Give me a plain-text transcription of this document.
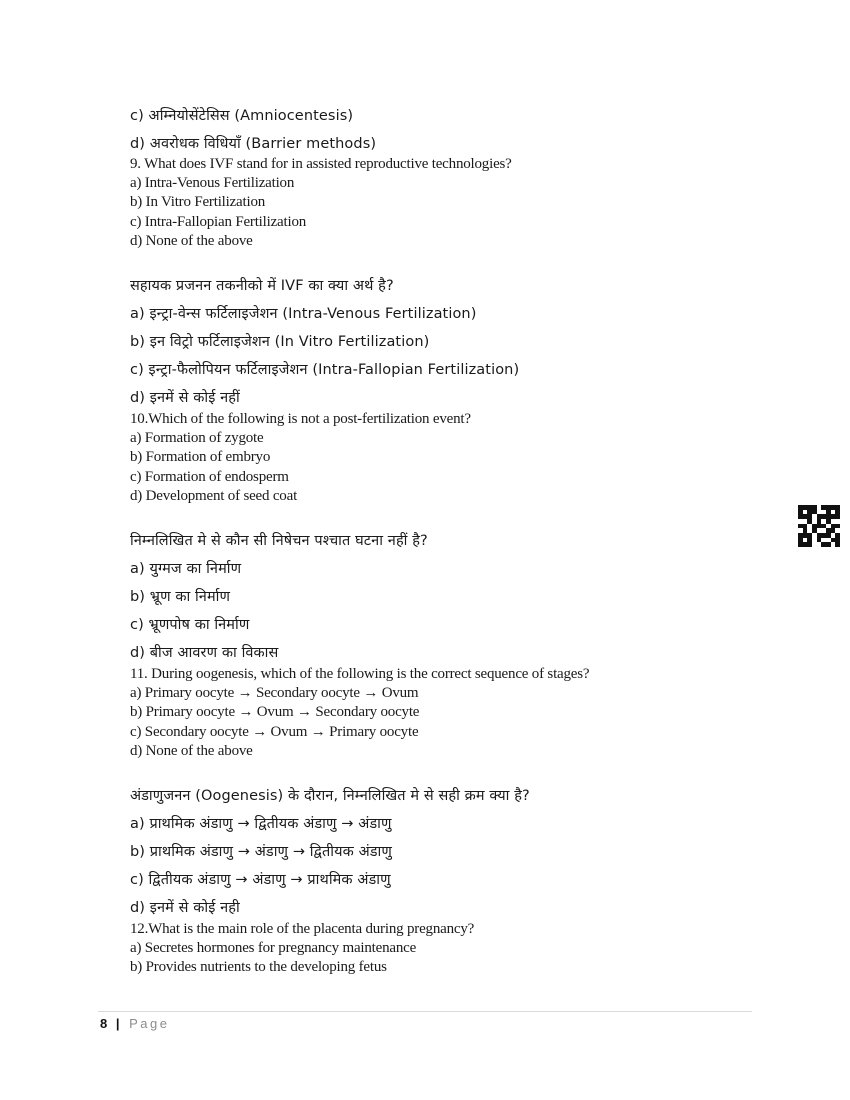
c) अम्नियोसेंटेसिस (Amniocentesis)
d) अवरोधक विधियाँ (Barrier methods)
9. What does IVF stand for in assisted reproductive technologies?
a) Intra-Venous Fertilization
b) In Vitro Fertilization
c) Intra-Fallopian Fertilization
d) None of the above
सहायक प्रजनन तकनीको में IVF का क्या अर्थ है?
a) इन्ट्रा-वेन्स फर्टिलाइजेशन (Intra-Venous Fertilization)
b) इन विट्रो फर्टिलाइजेशन (In Vitro Fertilization)
c) इन्ट्रा-फैलोपियन फर्टिलाइजेशन (Intra-Fallopian Fertilization)
d) इनमें से कोई नहीं
10.Which of the following is not a post-fertilization event?
a) Formation of zygote
b) Formation of embryo
c) Formation of endosperm
d) Development of seed coat
निम्नलिखित मे से कौन सी निषेचन पश्चात घटना नहीं है?
a) युग्मज का निर्माण
b) भ्रूण का निर्माण
c) भ्रूणपोष का निर्माण
d) बीज आवरण का विकास
11. During oogenesis, which of the following is the correct sequence of stages?
a) Primary oocyte → Secondary oocyte → Ovum
b) Primary oocyte → Ovum → Secondary oocyte
c) Secondary oocyte → Ovum → Primary oocyte
d) None of the above
अंडाणुजनन (Oogenesis) के दौरान, निम्नलिखित मे से सही क्रम क्या है?
a) प्राथमिक अंडाणु → द्वितीयक अंडाणु → अंडाणु
b) प्राथमिक अंडाणु → अंडाणु → द्वितीयक अंडाणु
c) द्वितीयक अंडाणु → अंडाणु → प्राथमिक अंडाणु
d) इनमें से कोई नही
12.What is the main role of the placenta during pregnancy?
a) Secretes hormones for pregnancy maintenance
b) Provides nutrients to the developing fetus
8 | Page
